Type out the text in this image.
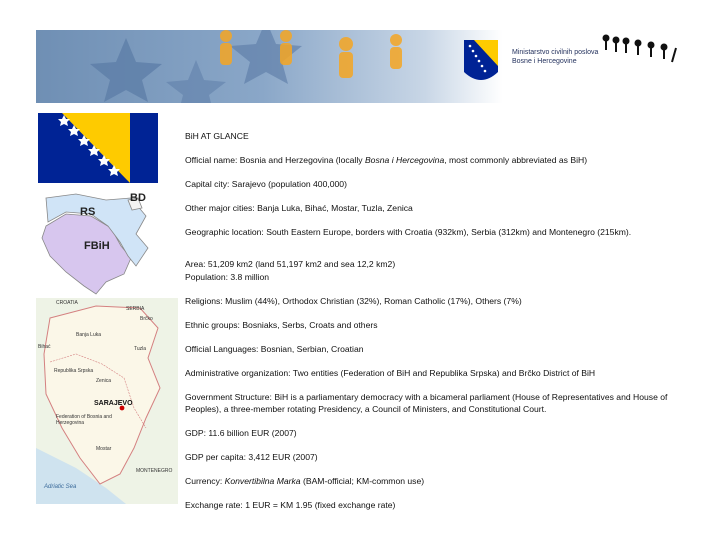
Ministarstvo civilnih poslova
Bosne i Hercegovine
RS
FBiH
BD
SERBIA
CROATIA
Banja Luka
Bihać	Tuzla
Brčko
Zenica
Republika Srpska
Federation of Bosnia and Herzegovina
SARAJEVO
Mostar
MONTENEGRO
Adriatic Sea

BiH AT GLANCE

Official name: Bosnia and Herzegovina (locally Bosna i Hercegovina, most commonly abbreviated as BiH)

Capital city: Sarajevo (population 400,000)

Other major cities: Banja Luka, Bihać, Mostar, Tuzla, Zenica

Geographic location: South Eastern Europe, borders with Croatia (932km), Serbia (312km) and Montenegro (215km).

Area: 51,209 km2 (land 51,197 km2 and sea 12,2 km2)

Population: 3.8 million

Religions: Muslim (44%), Orthodox Christian (32%), Roman Catholic (17%), Others (7%)

Ethnic groups: Bosniaks, Serbs, Croats and others

Official Languages: Bosnian, Serbian, Croatian

Administrative organization: Two entities (Federation of BiH and Republika Srpska) and Brčko District of BiH

Government Structure: BiH is a parliamentary democracy with a bicameral parliament (House of Representatives and House of Peoples), a three-member rotating Presidency, a Council of Ministers, and Constitutional Court.

GDP: 11.6 billion EUR (2007)

GDP per capita: 3,412 EUR (2007)

Currency: Konvertibilna Marka (BAM-official; KM-common use)

Exchange rate: 1 EUR = KM 1.95 (fixed exchange rate)
